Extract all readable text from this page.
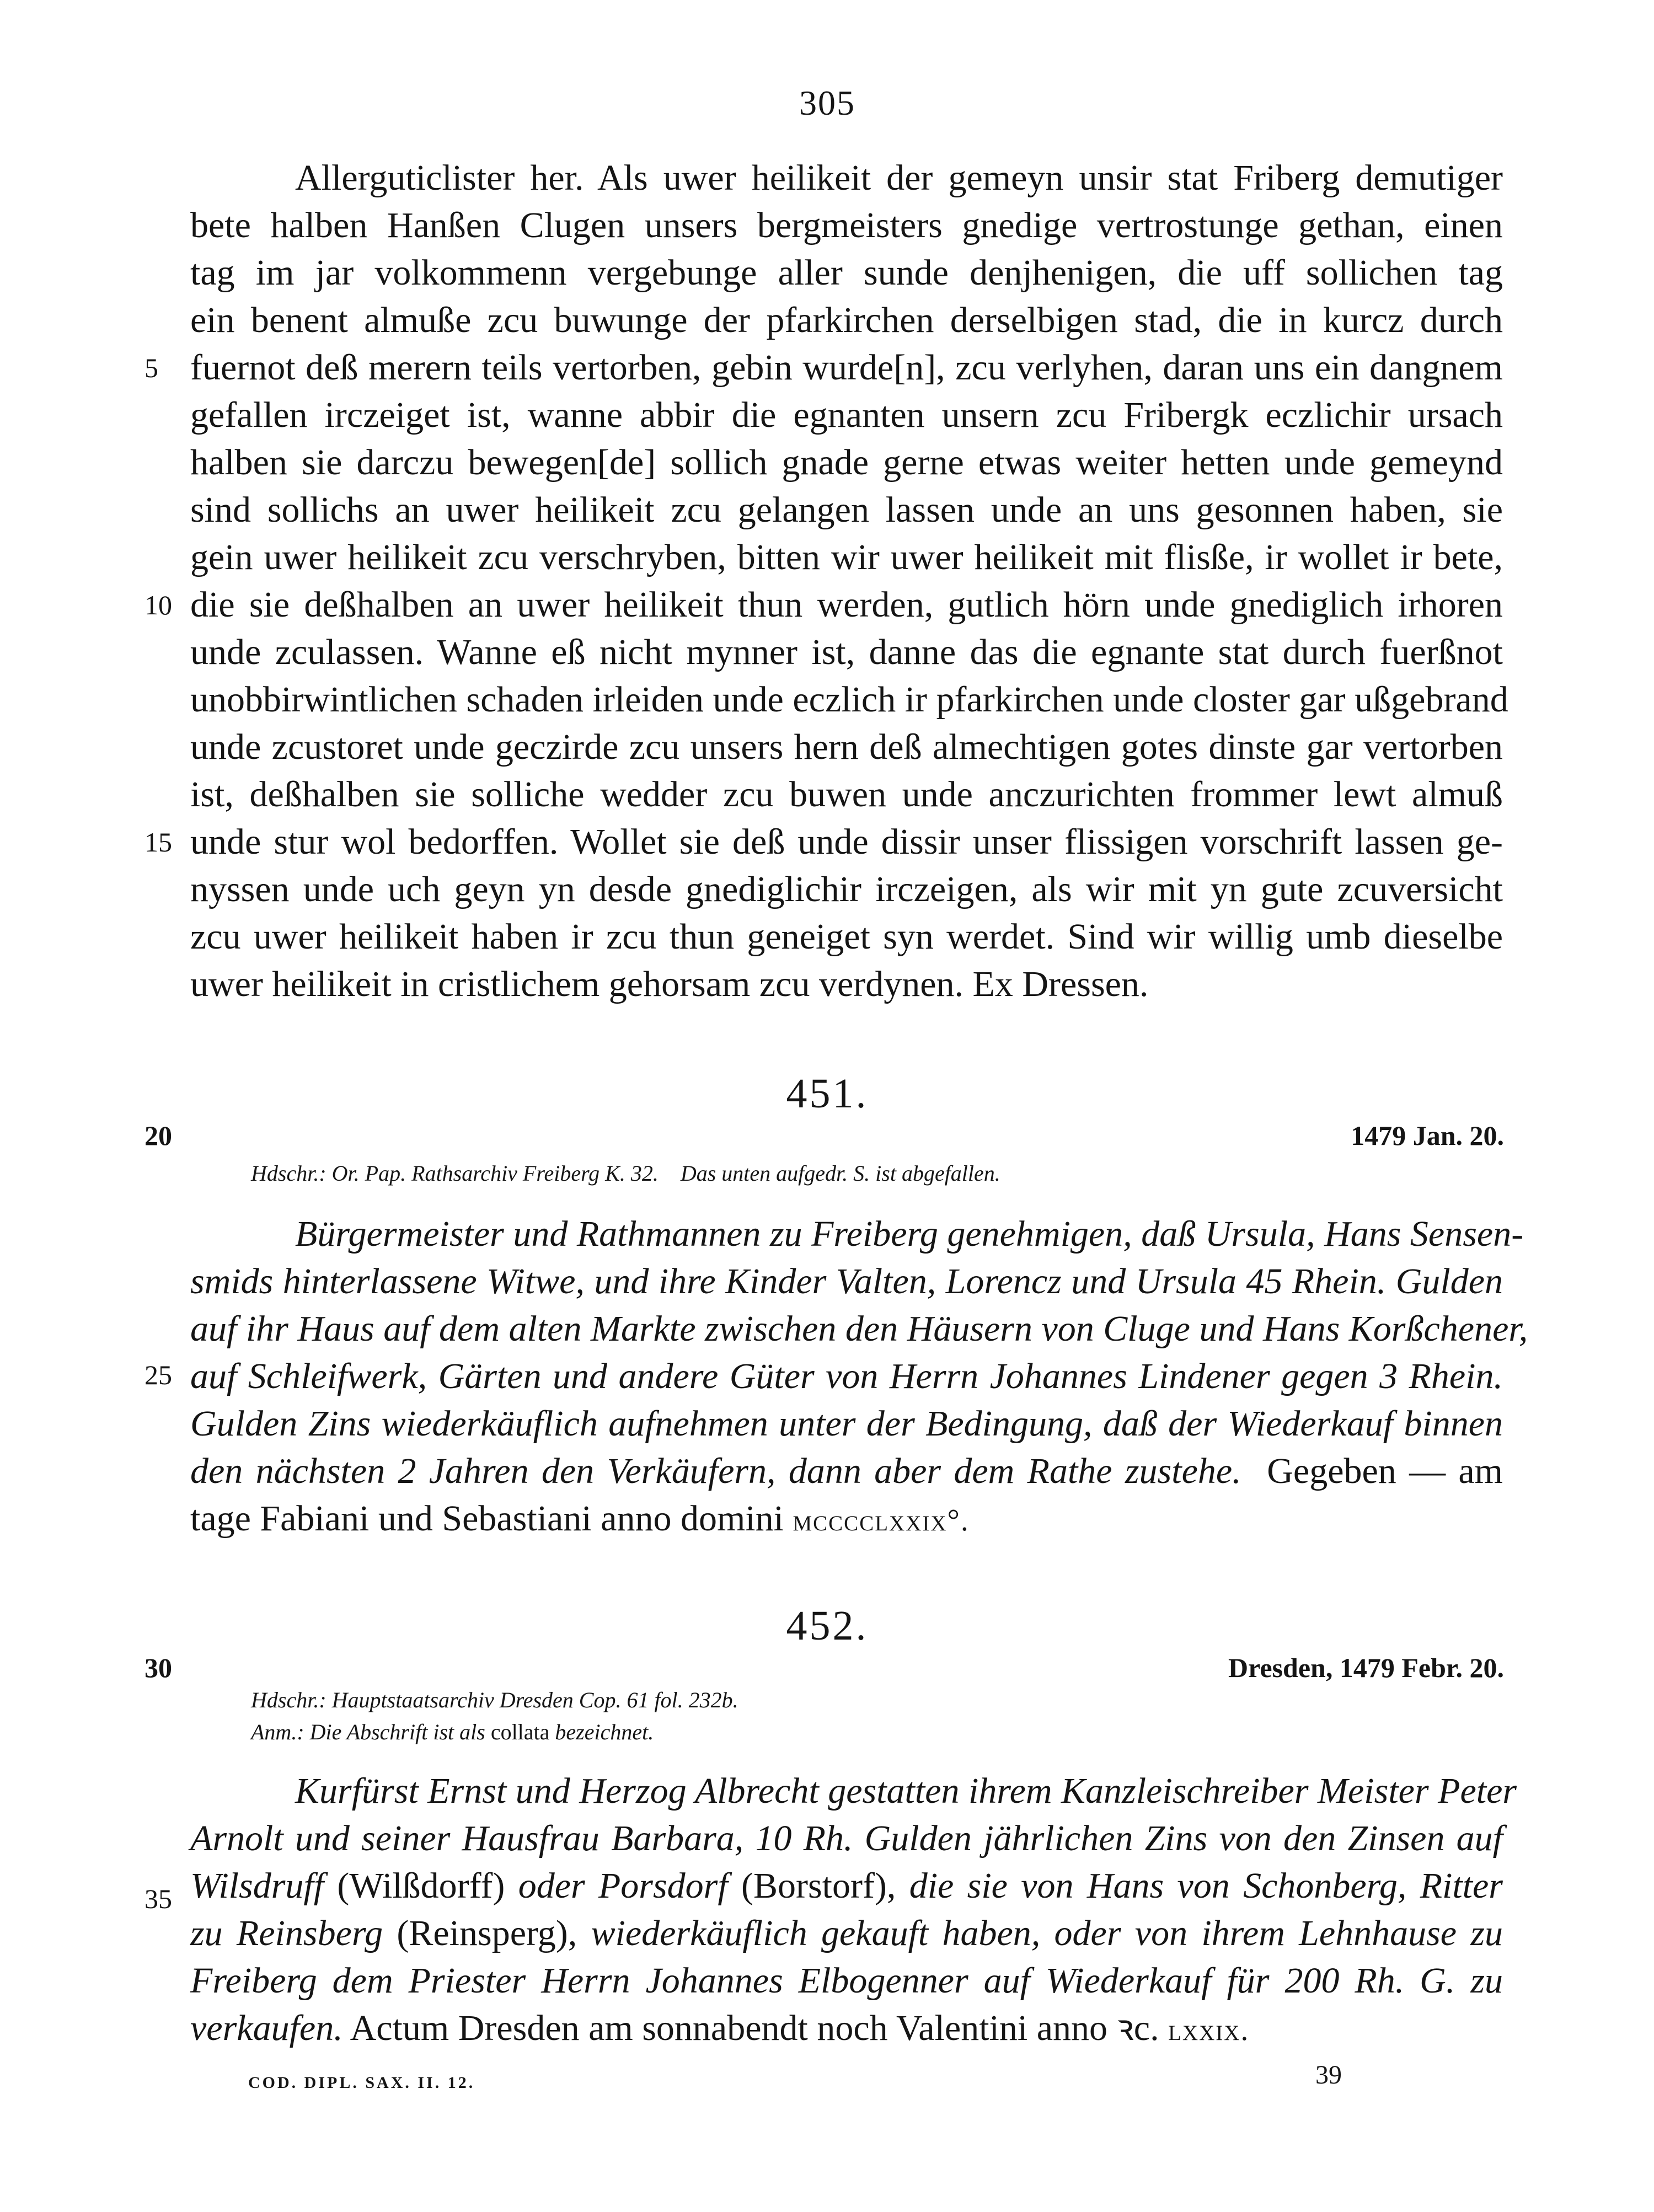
305
Allerguticlister her. Als uwer heilikeit der gemeyn unsir stat Friberg demutiger
bete halben Hanßen Clugen unsers bergmeisters gnedige vertrostunge gethan, einen
tag im jar volkommenn vergebunge aller sunde denjhenigen, die uff sollichen tag
ein benent almuße zcu buwunge der pfarkirchen derselbigen stad, die in kurcz durch
fuernot deß merern teils vertorben, gebin wurde[n], zcu verlyhen, daran uns ein dangnem
gefallen irczeiget ist, wanne abbir die egnanten unsern zcu Fribergk eczlichir ursach
halben sie darczu bewegen[de] sollich gnade gerne etwas weiter hetten unde gemeynd
sind sollichs an uwer heilikeit zcu gelangen lassen unde an uns gesonnen haben, sie
gein uwer heilikeit zcu verschryben, bitten wir uwer heilikeit mit flisße, ir wollet ir bete,
die sie deßhalben an uwer heilikeit thun werden, gutlich hörn unde gnediglich irhoren
unde zculassen. Wanne eß nicht mynner ist, danne das die egnante stat durch fuerßnot
unobbirwintlichen schaden irleiden unde eczlich ir pfarkirchen unde closter gar ußgebrand
unde zcustoret unde geczirde zcu unsers hern deß almechtigen gotes dinste gar vertorben
ist, deßhalben sie solliche wedder zcu buwen unde anczurichten frommer lewt almuß
unde stur wol bedorffen. Wollet sie deß unde dissir unser flissigen vorschrift lassen ge-
nyssen unde uch geyn yn desde gnediglichir irczeigen, als wir mit yn gute zcuversicht
zcu uwer heilikeit haben ir zcu thun geneiget syn werdet. Sind wir willig umb dieselbe
uwer heilikeit in cristlichem gehorsam zcu verdynen. Ex Dressen.
5
10
15
20
25
30
35
451.
1479 Jan. 20.
Hdschr.: Or. Pap. Rathsarchiv Freiberg K. 32. Das unten aufgedr. S. ist abgefallen.
Bürgermeister und Rathmannen zu Freiberg genehmigen, daß Ursula, Hans Sensen-
smids hinterlassene Witwe, und ihre Kinder Valten, Lorencz und Ursula 45 Rhein. Gulden
auf ihr Haus auf dem alten Markte zwischen den Häusern von Cluge und Hans Korßchener,
auf Schleifwerk, Gärten und andere Güter von Herrn Johannes Lindener gegen 3 Rhein.
Gulden Zins wiederkäuflich aufnehmen unter der Bedingung, daß der Wiederkauf binnen
den nächsten 2 Jahren den Verkäufern, dann aber dem Rathe zustehe. Gegeben — am
tage Fabiani und Sebastiani anno domini mcccclxxix°.
452.
Dresden, 1479 Febr. 20.
Hdschr.: Hauptstaatsarchiv Dresden Cop. 61 fol. 232b.
Anm.: Die Abschrift ist als collata bezeichnet.
Kurfürst Ernst und Herzog Albrecht gestatten ihrem Kanzleischreiber Meister Peter
Arnolt und seiner Hausfrau Barbara, 10 Rh. Gulden jährlichen Zins von den Zinsen auf
Wilsdruff (Wilßdorff) oder Porsdorf (Borstorf), die sie von Hans von Schonberg, Ritter
zu Reinsberg (Reinsperg), wiederkäuflich gekauft haben, oder von ihrem Lehnhause zu
Freiberg dem Priester Herrn Johannes Elbogenner auf Wiederkauf für 200 Rh. G. zu
verkaufen. Actum Dresden am sonnabendt noch Valentini anno ꝛc. lxxix.
COD. DIPL. SAX. II. 12.	39
